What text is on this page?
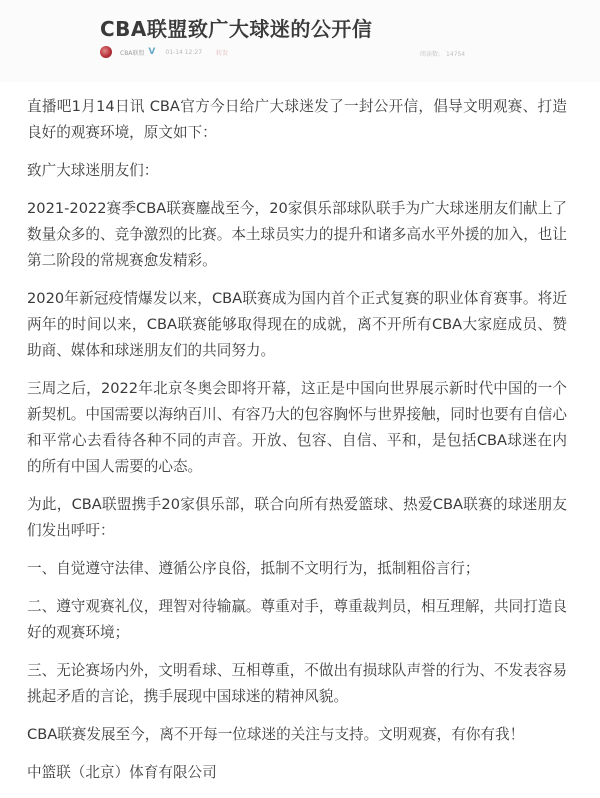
CBA联盟致广大球迷的公开信
CBA联盟 V 01-14 12:27 转发	阅读数: 14754

直播吧1月14日讯 CBA官方今日给广大球迷发了一封公开信，倡导文明观赛、打造良好的观赛环境，原文如下：

致广大球迷朋友们：

2021-2022赛季CBA联赛鏖战至今，20家俱乐部球队联手为广大球迷朋友们献上了数量众多的、竞争激烈的比赛。本土球员实力的提升和诸多高水平外援的加入，也让第二阶段的常规赛愈发精彩。

2020年新冠疫情爆发以来，CBA联赛成为国内首个正式复赛的职业体育赛事。将近两年的时间以来，CBA联赛能够取得现在的成就，离不开所有CBA大家庭成员、赞助商、媒体和球迷朋友们的共同努力。

三周之后，2022年北京冬奥会即将开幕，这正是中国向世界展示新时代中国的一个新契机。中国需要以海纳百川、有容乃大的包容胸怀与世界接触，同时也要有自信心和平常心去看待各种不同的声音。开放、包容、自信、平和，是包括CBA球迷在内的所有中国人需要的心态。

为此，CBA联盟携手20家俱乐部，联合向所有热爱篮球、热爱CBA联赛的球迷朋友们发出呼吁：

一、自觉遵守法律、遵循公序良俗，抵制不文明行为，抵制粗俗言行；

二、遵守观赛礼仪，理智对待输赢。尊重对手，尊重裁判员，相互理解，共同打造良好的观赛环境；

三、无论赛场内外，文明看球、互相尊重，不做出有损球队声誉的行为、不发表容易挑起矛盾的言论，携手展现中国球迷的精神风貌。

CBA联赛发展至今，离不开每一位球迷的关注与支持。文明观赛，有你有我！

中篮联（北京）体育有限公司
